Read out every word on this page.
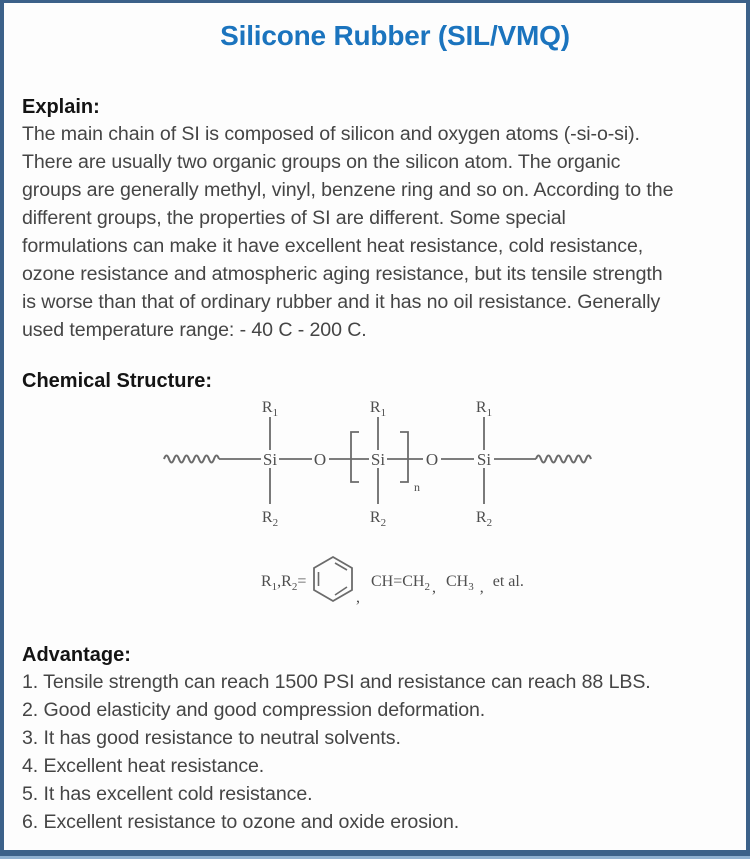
Silicone Rubber (SIL/VMQ)
Explain:
The main chain of SI is composed of silicon and oxygen atoms (-si-o-si).
There are usually two organic groups on the silicon atom. The organic
groups are generally methyl, vinyl, benzene ring and so on. According to the
different groups, the properties of SI are different. Some special
formulations can make it have excellent heat resistance, cold resistance,
ozone resistance and atmospheric aging resistance, but its tensile strength
is worse than that of ordinary rubber and it has no oil resistance. Generally
used temperature range: - 40 C - 200 C.
Chemical Structure:
$R_1$	$R_1$	$R_1$
$R_2$	$R_2$	$R_2$
Si	Si	Si
O	O
n
$R_1,R_2=$
,
$CH=CH_2$ , $CH_3$ , et al.
Advantage:
1. Tensile strength can reach 1500 PSI and resistance can reach 88 LBS.
2. Good elasticity and good compression deformation.
3. It has good resistance to neutral solvents.
4. Excellent heat resistance.
5. It has excellent cold resistance.
6. Excellent resistance to ozone and oxide erosion.
